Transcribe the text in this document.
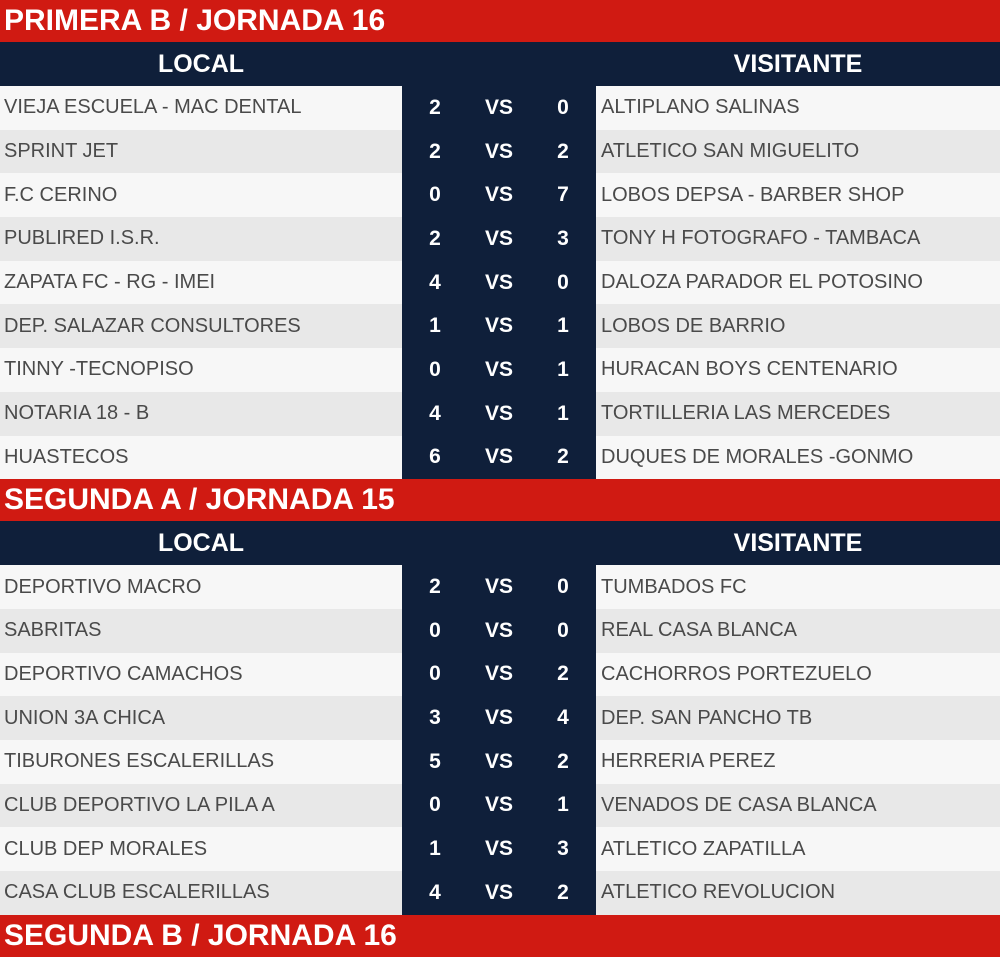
PRIMERA B / JORNADA 16
LOCAL	VISITANTE
VIEJA ESCUELA - MAC DENTAL	2	VS	0	ALTIPLANO SALINAS
SPRINT JET	2	VS	2	ATLETICO SAN MIGUELITO
F.C CERINO	0	VS	7	LOBOS DEPSA - BARBER SHOP
PUBLIRED I.S.R.	2	VS	3	TONY H FOTOGRAFO - TAMBACA
ZAPATA FC - RG - IMEI	4	VS	0	DALOZA PARADOR EL POTOSINO
DEP. SALAZAR CONSULTORES	1	VS	1	LOBOS DE BARRIO
TINNY -TECNOPISO	0	VS	1	HURACAN BOYS CENTENARIO
NOTARIA 18 - B	4	VS	1	TORTILLERIA LAS MERCEDES
HUASTECOS	6	VS	2	DUQUES DE MORALES -GONMO
SEGUNDA A / JORNADA 15
LOCAL	VISITANTE
DEPORTIVO MACRO	2	VS	0	TUMBADOS FC
SABRITAS	0	VS	0	REAL CASA BLANCA
DEPORTIVO CAMACHOS	0	VS	2	CACHORROS PORTEZUELO
UNION 3A CHICA	3	VS	4	DEP. SAN PANCHO TB
TIBURONES ESCALERILLAS	5	VS	2	HERRERIA PEREZ
CLUB DEPORTIVO LA PILA A	0	VS	1	VENADOS DE CASA BLANCA
CLUB DEP MORALES	1	VS	3	ATLETICO ZAPATILLA
CASA CLUB ESCALERILLAS	4	VS	2	ATLETICO REVOLUCION
SEGUNDA B / JORNADA 16
